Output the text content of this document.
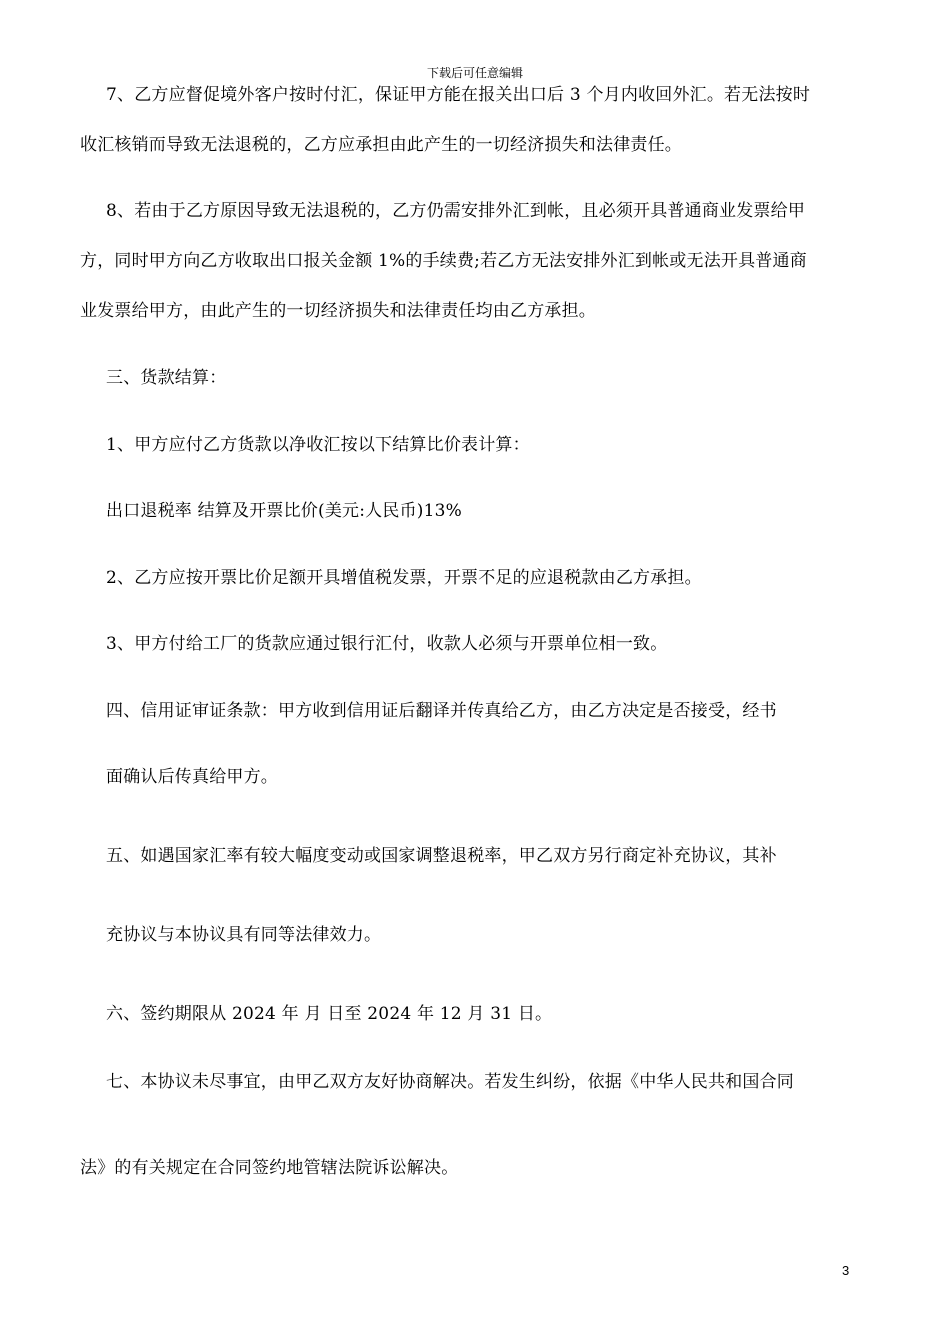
下载后可任意编辑
7、乙方应督促境外客户按时付汇，保证甲方能在报关出口后 3 个月内收回外汇。若无法按时
收汇核销而导致无法退税的，乙方应承担由此产生的一切经济损失和法律责任。
8、若由于乙方原因导致无法退税的，乙方仍需安排外汇到帐，且必须开具普通商业发票给甲
方，同时甲方向乙方收取出口报关金额 1%的手续费;若乙方无法安排外汇到帐或无法开具普通商
业发票给甲方，由此产生的一切经济损失和法律责任均由乙方承担。
三、货款结算：
1、甲方应付乙方货款以净收汇按以下结算比价表计算：
出口退税率 结算及开票比价(美元:人民币)13%
2、乙方应按开票比价足额开具增值税发票，开票不足的应退税款由乙方承担。
3、甲方付给工厂的货款应通过银行汇付，收款人必须与开票单位相一致。
四、信用证审证条款：甲方收到信用证后翻译并传真给乙方，由乙方决定是否接受，经书
面确认后传真给甲方。
五、如遇国家汇率有较大幅度变动或国家调整退税率，甲乙双方另行商定补充协议，其补
充协议与本协议具有同等法律效力。
六、签约期限从 2024 年 月 日至 2024 年 12 月 31 日。
七、本协议未尽事宜，由甲乙双方友好协商解决。若发生纠纷，依据《中华人民共和国合同
法》的有关规定在合同签约地管辖法院诉讼解决。
3
